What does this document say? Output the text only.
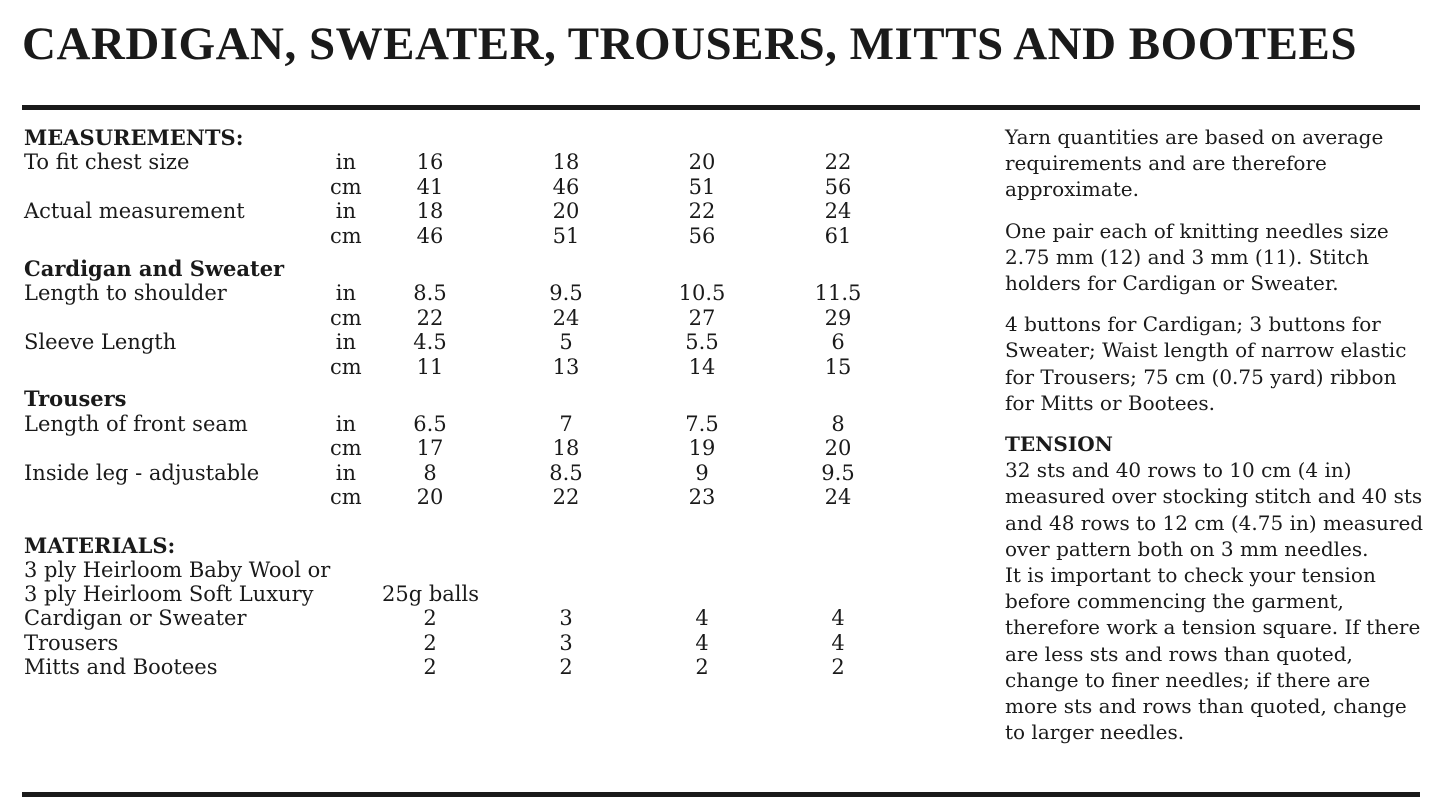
CARDIGAN, SWEATER, TROUSERS, MITTS AND BOOTEES
MEASUREMENTS:
To fit chest size	in	16	18	20	22
cm	41	46	51	56
Actual measurement	in	18	20	22	24
cm	46	51	56	61
Cardigan and Sweater
Length to shoulder	in	8.5	9.5	10.5	11.5
cm	22	24	27	29
Sleeve Length	in	4.5	5	5.5	6
cm	11	13	14	15
Trousers
Length of front seam	in	6.5	7	7.5	8
cm	17	18	19	20
Inside leg - adjustable	in	8	8.5	9	9.5
cm	20	22	23	24
MATERIALS:
3 ply Heirloom Baby Wool or
3 ply Heirloom Soft Luxury	25g balls
Cardigan or Sweater	2	3	4	4
Trousers	2	3	4	4
Mitts and Bootees	2	2	2	2

Yarn quantities are based on average requirements and are therefore approximate.

One pair each of knitting needles size 2.75 mm (12) and 3 mm (11). Stitch holders for Cardigan or Sweater.

4 buttons for Cardigan; 3 buttons for Sweater; Waist length of narrow elastic for Trousers; 75 cm (0.75 yard) ribbon for Mitts or Bootees.

TENSION
32 sts and 40 rows to 10 cm (4 in) measured over stocking stitch and 40 sts and 48 rows to 12 cm (4.75 in) measured over pattern both on 3 mm needles.
It is important to check your tension before commencing the garment, therefore work a tension square. If there are less sts and rows than quoted, change to finer needles; if there are more sts and rows than quoted, change to larger needles.
